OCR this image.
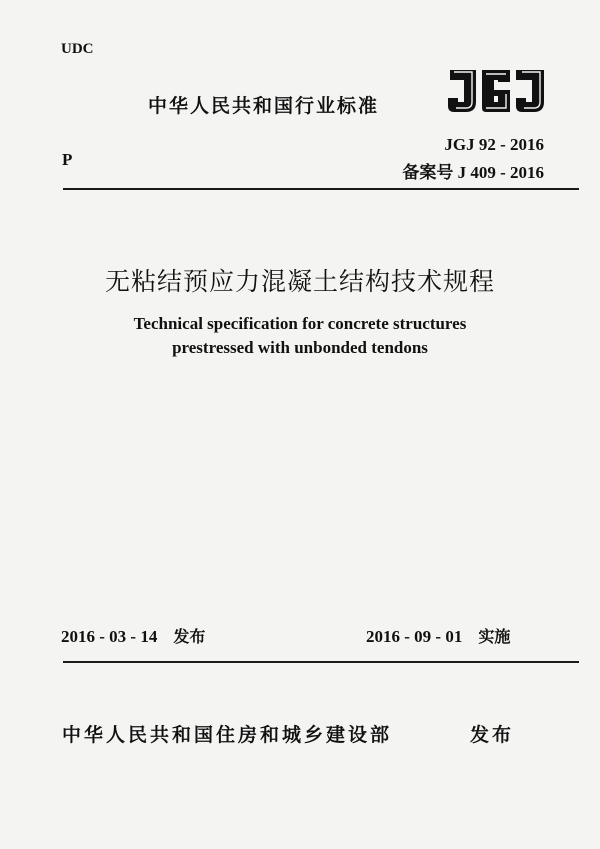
UDC
P
中华人民共和国行业标准
JGJ 92 - 2016
备案号 J 409 - 2016
无粘结预应力混凝土结构技术规程
Technical specification for concrete structures
prestressed with unbonded tendons
2016 - 03 - 14 发布	2016 - 09 - 01 实施
中华人民共和国住房和城乡建设部	发布
